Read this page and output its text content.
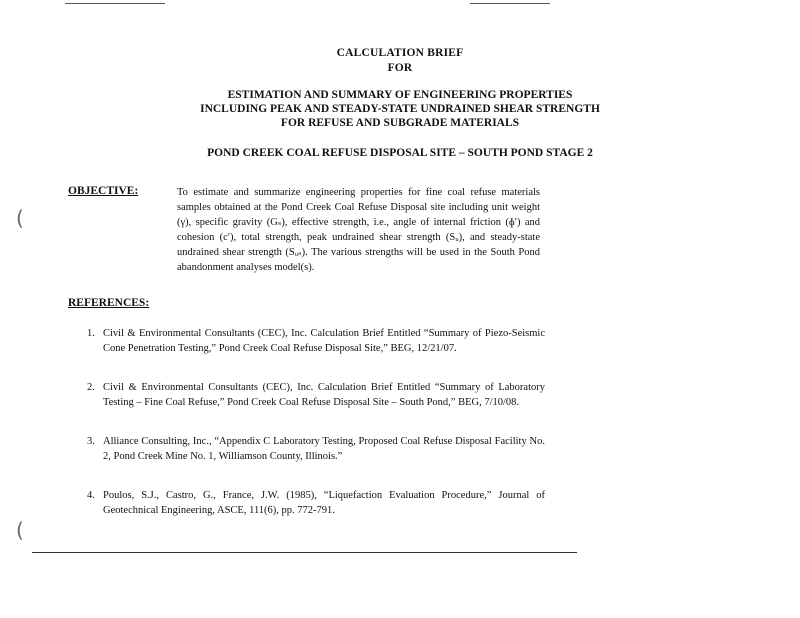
(
(
CALCULATION BRIEF
FOR
ESTIMATION AND SUMMARY OF ENGINEERING PROPERTIES
INCLUDING PEAK AND STEADY-STATE UNDRAINED SHEAR STRENGTH
FOR REFUSE AND SUBGRADE MATERIALS
POND CREEK COAL REFUSE DISPOSAL SITE – SOUTH POND STAGE 2
OBJECTIVE:	To estimate and summarize engineering properties for fine coal refuse materials samples obtained at the Pond Creek Coal Refuse Disposal site including unit weight (γ), specific gravity (Gₛ), effective strength, i.e., angle of internal friction (ɸ′) and cohesion (c′), total strength, peak undrained shear strength (Sᵤ), and steady-state undrained shear strength (Sᵤₛ). The various strengths will be used in the South Pond abandonment analyses model(s).
REFERENCES:
1. Civil & Environmental Consultants (CEC), Inc. Calculation Brief Entitled “Summary of Piezo-Seismic Cone Penetration Testing,” Pond Creek Coal Refuse Disposal Site,” BEG, 12/21/07.
2. Civil & Environmental Consultants (CEC), Inc. Calculation Brief Entitled “Summary of Laboratory Testing – Fine Coal Refuse,” Pond Creek Coal Refuse Disposal Site – South Pond,” BEG, 7/10/08.
3. Alliance Consulting, Inc., “Appendix C Laboratory Testing, Proposed Coal Refuse Disposal Facility No. 2, Pond Creek Mine No. 1, Williamson County, Illinois.”
4. Poulos, S.J., Castro, G., France, J.W. (1985), “Liquefaction Evaluation Procedure,” Journal of Geotechnical Engineering, ASCE, 111(6), pp. 772-791.
